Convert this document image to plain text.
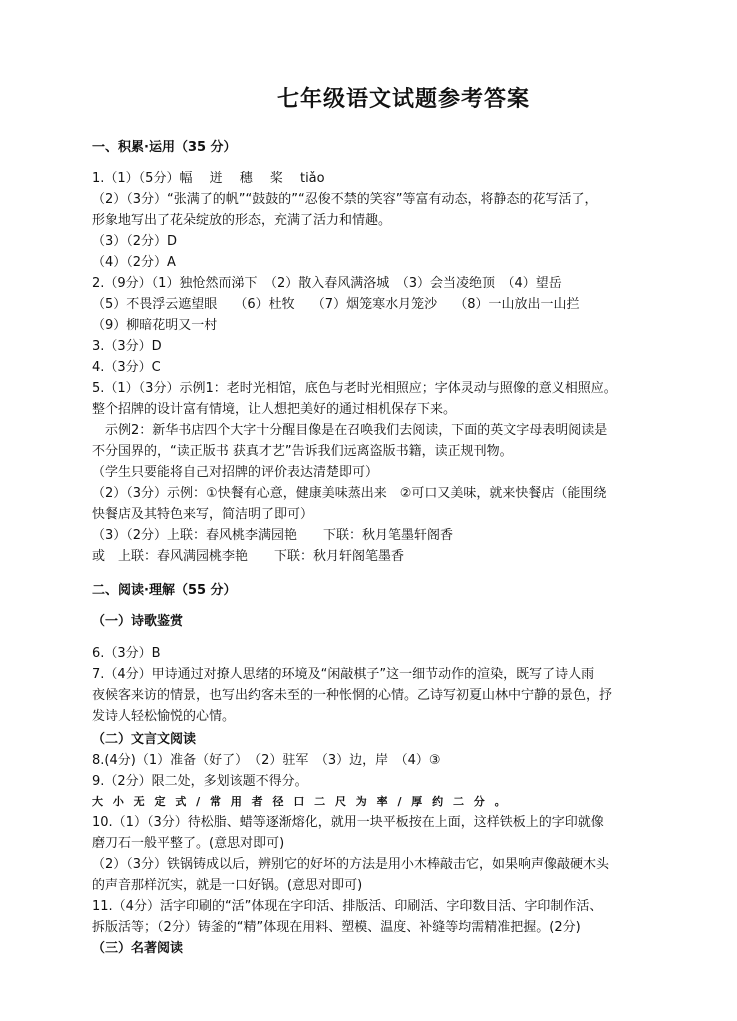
七年级语文试题参考答案
一、积累·运用（35 分）
1.（1）（5分）幅　 迸　 穗　 桨　 tiǎo
（2）（3分）“张满了的帆”“鼓鼓的”“忍俊不禁的笑容”等富有动态，将静态的花写活了，
形象地写出了花朵绽放的形态，充满了活力和情趣。
（3）（2分）D
（4）（2分）A
2.（9分）（1）独怆然而涕下　（2）散入春风满洛城　（3）会当凌绝顶　（4）望岳
（5）不畏浮云遮望眼　 （6）杜牧　 （7）烟笼寒水月笼沙　 （8）一山放出一山拦
（9）柳暗花明又一村
3.（3分）D
4.（3分）C
5.（1）（3分）示例1：老时光相馆，底色与老时光相照应；字体灵动与照像的意义相照应。
整个招牌的设计富有情境，让人想把美好的通过相机保存下来。
　示例2：新华书店四个大字十分醒目像是在召唤我们去阅读，下面的英文字母表明阅读是
不分国界的，“读正版书 获真才艺”告诉我们远离盗版书籍，读正规刊物。
（学生只要能将自己对招牌的评价表达清楚即可）
（2）（3分）示例：①快餐有心意，健康美味蒸出来　②可口又美味，就来快餐店（能围绕
快餐店及其特色来写，简洁明了即可）
（3）（2分）上联：春风桃李满园艳　　下联：秋月笔墨轩阁香
或　上联：春风满园桃李艳　　下联：秋月轩阁笔墨香
二、阅读·理解（55 分）
（一）诗歌鉴赏
6.（3分）B
7.（4分）甲诗通过对撩人思绪的环境及“闲敲棋子”这一细节动作的渲染，既写了诗人雨
夜候客来访的情景，也写出约客未至的一种怅惘的心情。乙诗写初夏山林中宁静的景色，抒
发诗人轻松愉悦的心情。
（二）文言文阅读
8.(4分)（1）准备（好了）　（2）驻军　（3）边，岸　（4）③
9.（2分）限二处，多划该题不得分。
大 小 无 定 式 / 常 用 者 径 口 二 尺 为 率 / 厚 约 二 分 。
10.（1）（3分）待松脂、蜡等逐渐熔化，就用一块平板按在上面，这样铁板上的字印就像
磨刀石一般平整了。(意思对即可)
（2）（3分）铁锅铸成以后，辨别它的好坏的方法是用小木棒敲击它，如果响声像敲硬木头
的声音那样沉实，就是一口好锅。(意思对即可)
11.（4分）活字印刷的“活”体现在字印活、排版活、印刷活、字印数目活、字印制作活、
拆版活等；（2分）铸釜的“精”体现在用料、塑模、温度、补缝等均需精准把握。(2分)
（三）名著阅读
